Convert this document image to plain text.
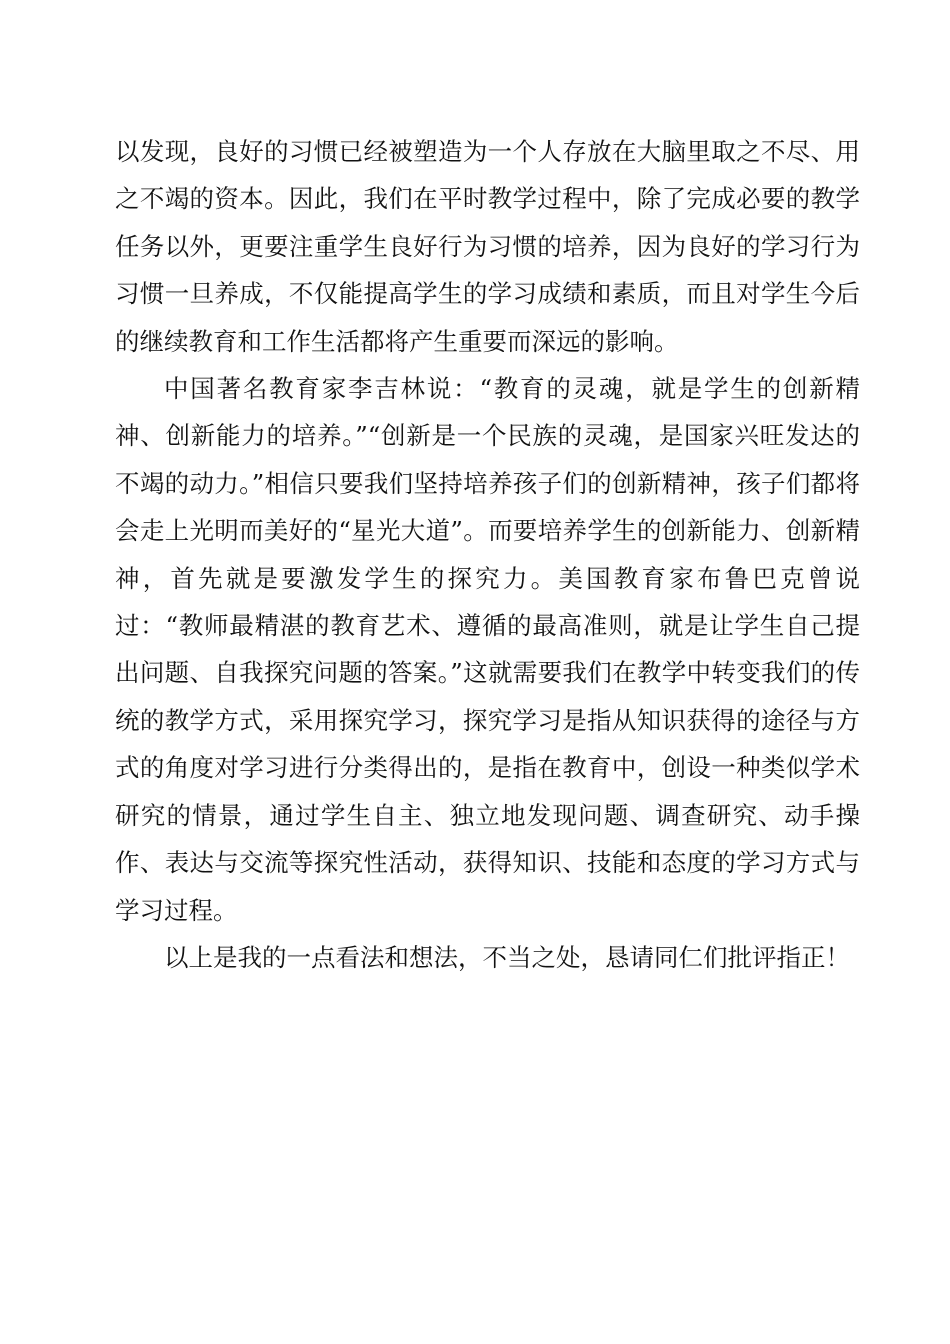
以发现，良好的习惯已经被塑造为一个人存放在大脑里取之不尽、用之不竭的资本。因此，我们在平时教学过程中，除了完成必要的教学任务以外，更要注重学生良好行为习惯的培养，因为良好的学习行为习惯一旦养成，不仅能提高学生的学习成绩和素质，而且对学生今后的继续教育和工作生活都将产生重要而深远的影响。

中国著名教育家李吉林说：“教育的灵魂，就是学生的创新精神、创新能力的培养。”“创新是一个民族的灵魂，是国家兴旺发达的不竭的动力。”相信只要我们坚持培养孩子们的创新精神，孩子们都将会走上光明而美好的“星光大道”。而要培养学生的创新能力、创新精神，首先就是要激发学生的探究力。美国教育家布鲁巴克曾说过：“教师最精湛的教育艺术、遵循的最高准则，就是让学生自己提出问题、自我探究问题的答案。”这就需要我们在教学中转变我们的传统的教学方式，采用探究学习，探究学习是指从知识获得的途径与方式的角度对学习进行分类得出的，是指在教育中，创设一种类似学术研究的情景，通过学生自主、独立地发现问题、调查研究、动手操作、表达与交流等探究性活动，获得知识、技能和态度的学习方式与学习过程。

以上是我的一点看法和想法，不当之处，恳请同仁们批评指正！
